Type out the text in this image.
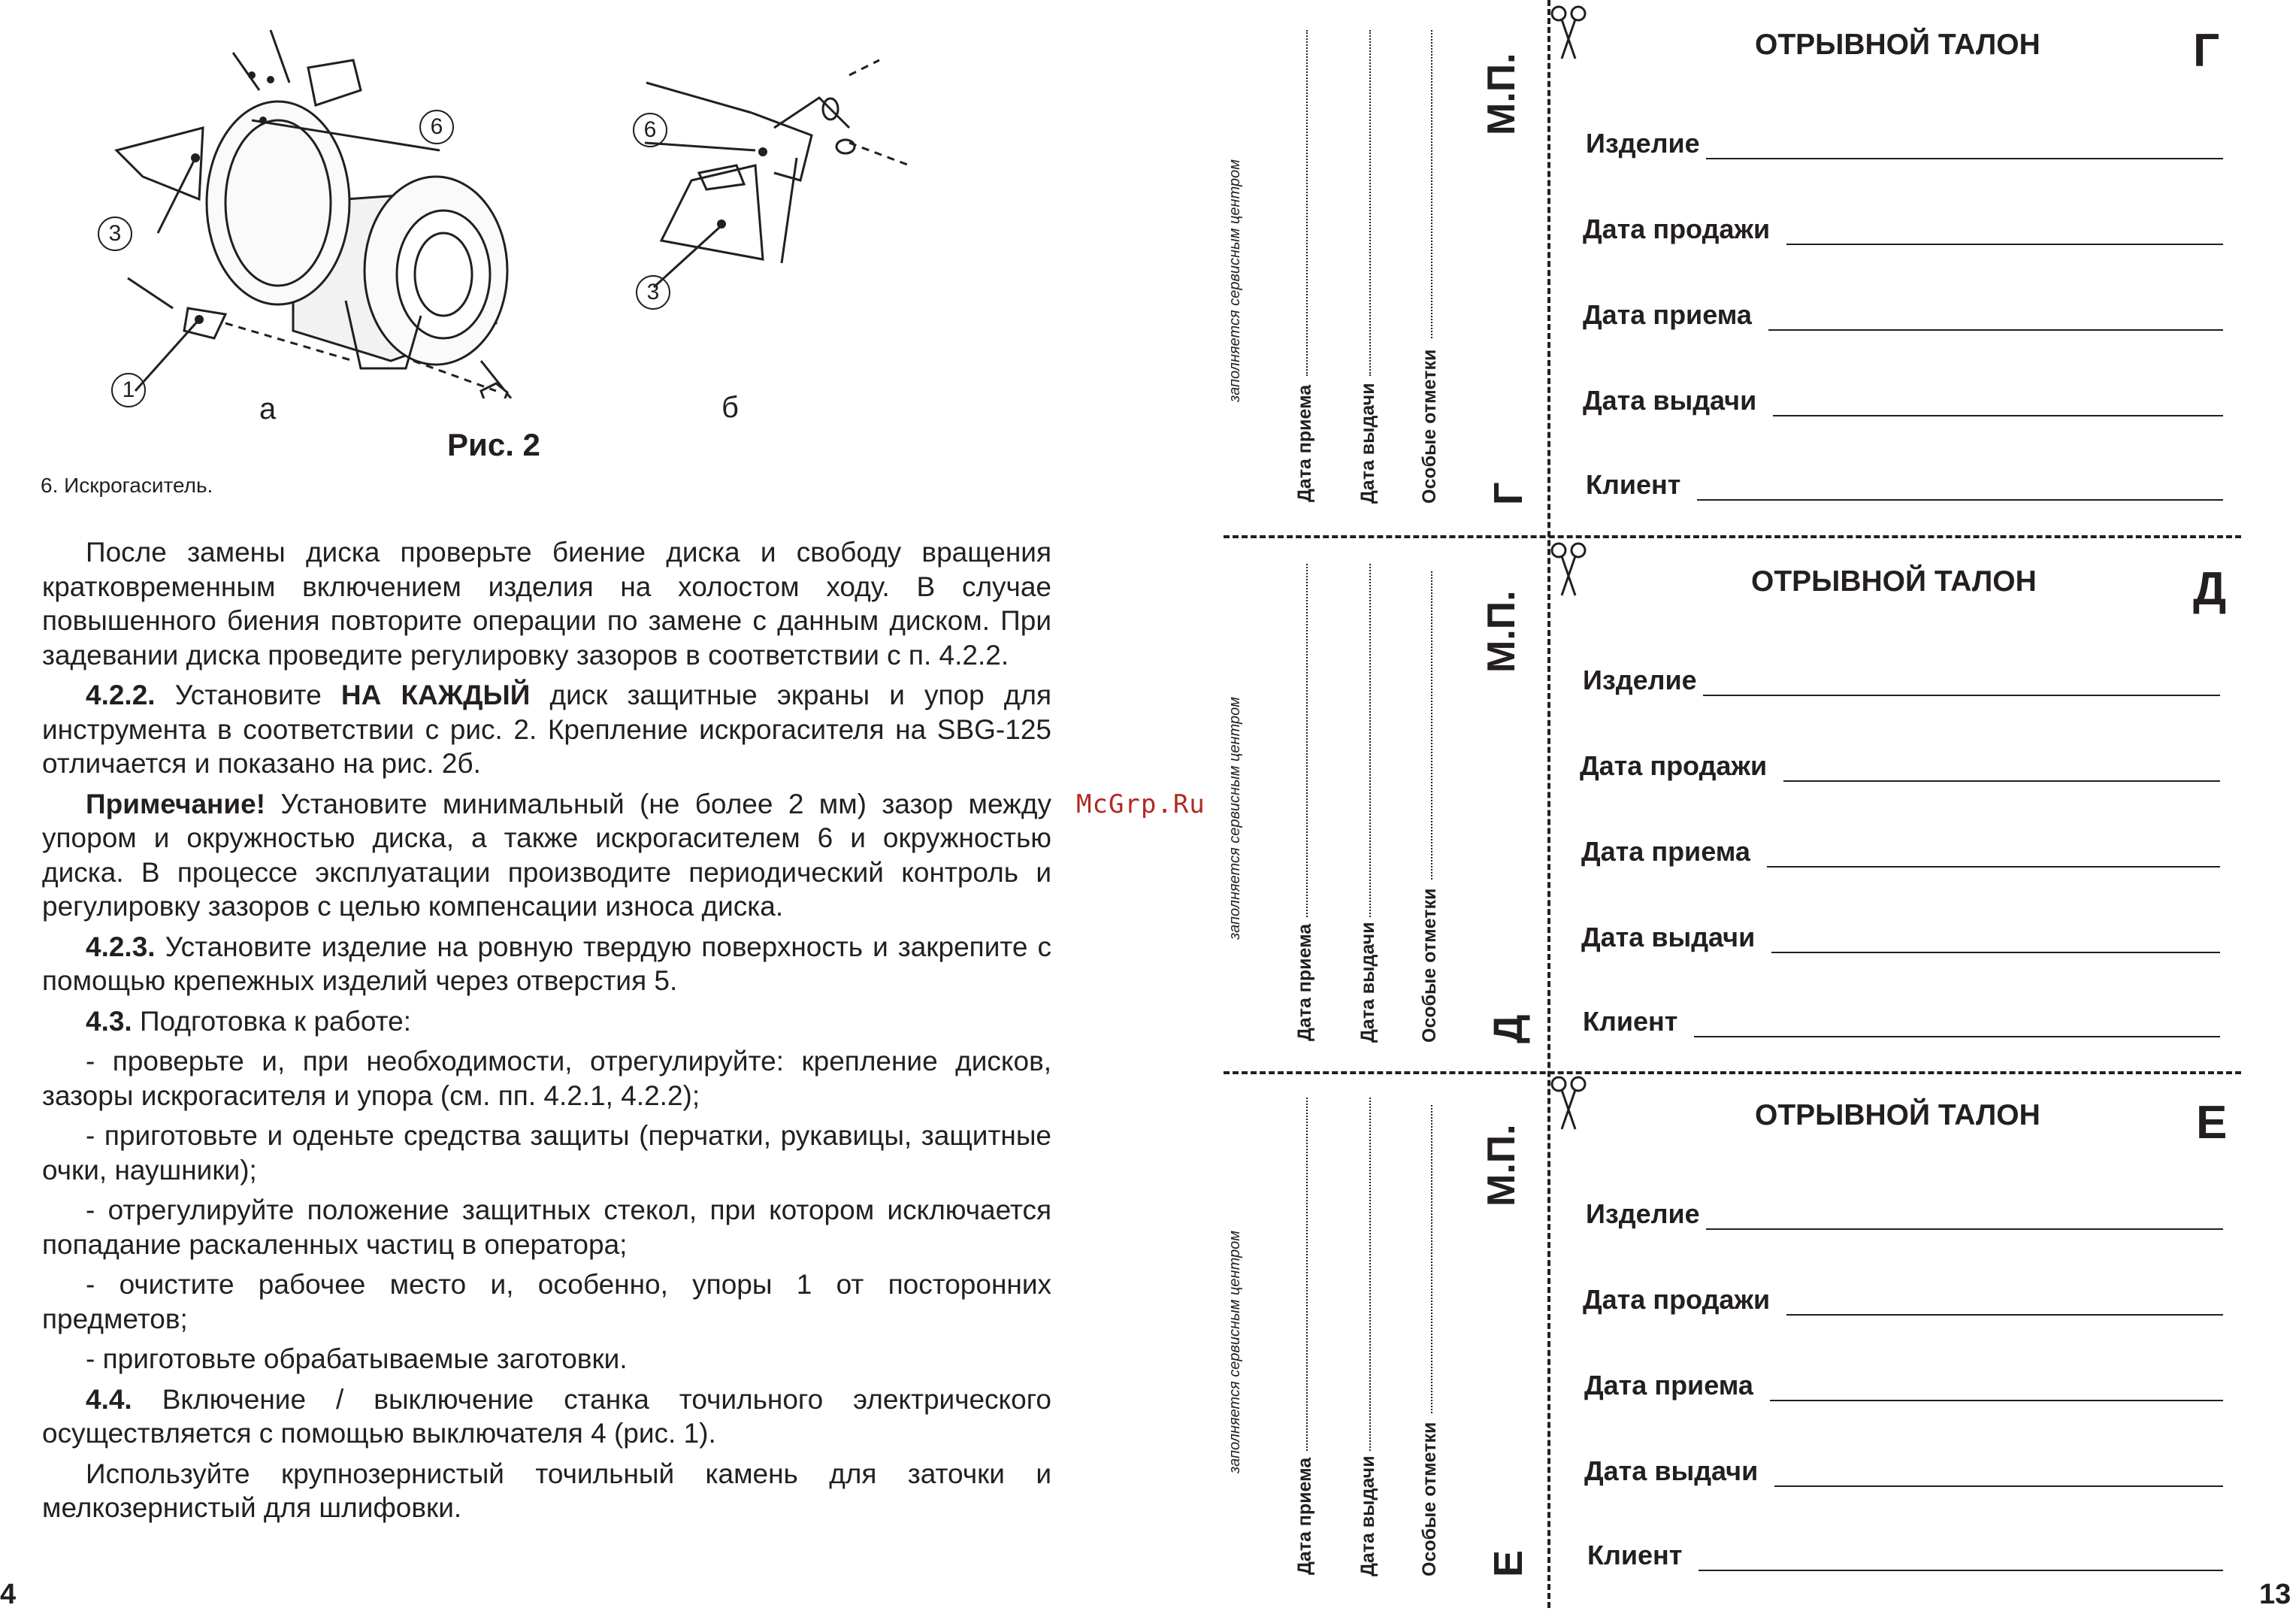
6
3
1
а
6
3
б
Рис. 2
6. Искрогаситель.

После замены диска проверьте биение диска и свободу вращения кратковременным включением изделия на холостом ходу. В случае повышенного биения повторите операции по замене с данным диском. При задевании диска проведите регулировку зазоров в соответствии с п. 4.2.2.

4.2.2. Установите НА КАЖДЫЙ диск защитные экраны и упор для инструмента в соответствии с рис. 2. Крепление искрогасителя на SBG-125 отличается и показано на рис. 2б.

Примечание! Установите минимальный (не более 2 мм) зазор между упором и окружностью диска, а также искрогасителем 6 и окружностью диска. В процессе эксплуатации производите периодический контроль и регулировку зазоров с целью компенсации износа диска.

4.2.3. Установите изделие на ровную твердую поверхность и закрепите с помощью крепежных изделий через отверстия 5.

4.3. Подготовка к работе:

- проверьте и, при необходимости, отрегулируйте: крепление дисков, зазоры искрогасителя и упора (см. пп. 4.2.1, 4.2.2);

- приготовьте и оденьте средства защиты (перчатки, рукавицы, защитные очки, наушники);

- отрегулируйте положение защитных стекол, при котором исключается попадание раскаленных частиц в оператора;

- очистите рабочее место и, особенно, упоры 1 от посторонних предметов;

- приготовьте обрабатываемые заготовки.

4.4. Включение / выключение станка точильного электрического осуществляется с помощью выключателя 4 (рис. 1).

Используйте крупнозернистый точильный камень для заточки и мелкозернистый для шлифовки.

McGrp.Ru
4
заполняется сервисным центром
Дата приема Дата выдачи Особые отметки
М.П.
Г
ОТРЫВНОЙ ТАЛОН	Г
Изделие
Дата продажи
Дата приема
Дата выдачи
Клиент
заполняется сервисным центром
Дата приема Дата выдачи Особые отметки
М.П.
Д
ОТРЫВНОЙ ТАЛОН	Д
Изделие
Дата продажи
Дата приема
Дата выдачи
Клиент
заполняется сервисным центром
Дата приема Дата выдачи Особые отметки
М.П.
Е
ОТРЫВНОЙ ТАЛОН	Е
Изделие
Дата продажи
Дата приема
Дата выдачи
Клиент
13
